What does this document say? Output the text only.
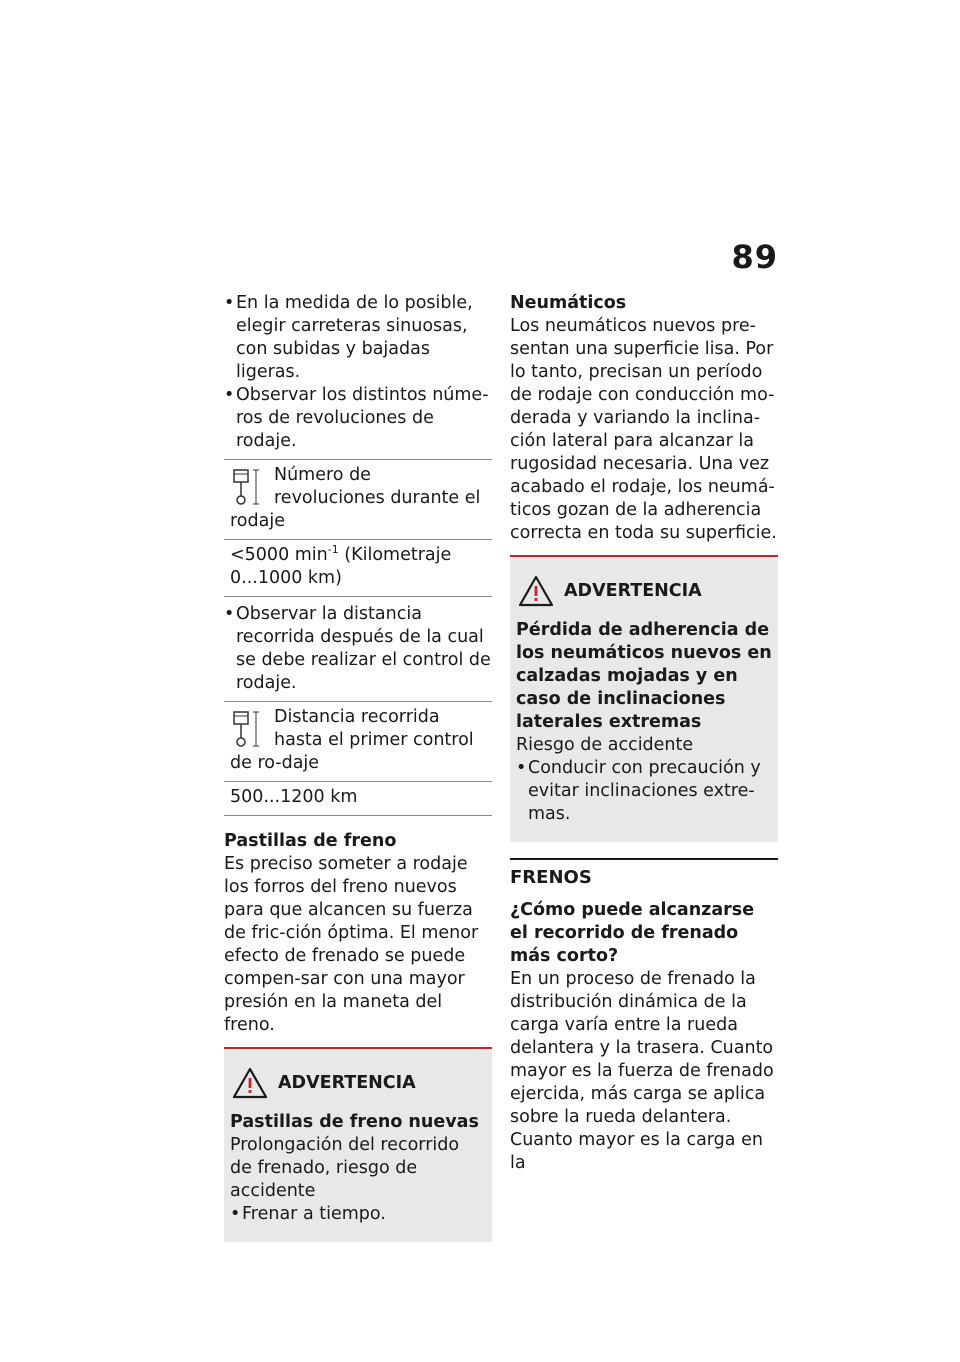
89
• En la medida de lo posible, elegir carreteras sinuosas, con subidas y bajadas ligeras.
• Observar los distintos núme-ros de revoluciones de rodaje.
Número de revoluciones durante el rodaje
<5000 $\min^{-1}$ (Kilometraje 0...1000 km)
• Observar la distancia recorrida después de la cual se debe realizar el control de rodaje.
Distancia recorrida hasta el primer control de ro-daje
500...1200 km
Pastillas de freno
Es preciso someter a rodaje los forros del freno nuevos para que alcancen su fuerza de fric-ción óptima. El menor efecto de frenado se puede compen-sar con una mayor presión en la maneta del freno.
ADVERTENCIA
Pastillas de freno nuevas
Prolongación del recorrido de frenado, riesgo de accidente
• Frenar a tiempo.
Neumáticos
Los neumáticos nuevos pre-sentan una superficie lisa. Por lo tanto, precisan un período de rodaje con conducción mo-derada y variando la inclina-ción lateral para alcanzar la rugosidad necesaria. Una vez acabado el rodaje, los neumá-ticos gozan de la adherencia correcta en toda su superficie.
ADVERTENCIA
Pérdida de adherencia de los neumáticos nuevos en calzadas mojadas y en caso de inclinaciones laterales extremas
Riesgo de accidente
• Conducir con precaución y evitar inclinaciones extre-mas.
FRENOS
¿Cómo puede alcanzarse el recorrido de frenado más corto?
En un proceso de frenado la distribución dinámica de la carga varía entre la rueda delantera y la trasera. Cuanto mayor es la fuerza de frenado ejercida, más carga se aplica sobre la rueda delantera. Cuanto mayor es la carga en la
